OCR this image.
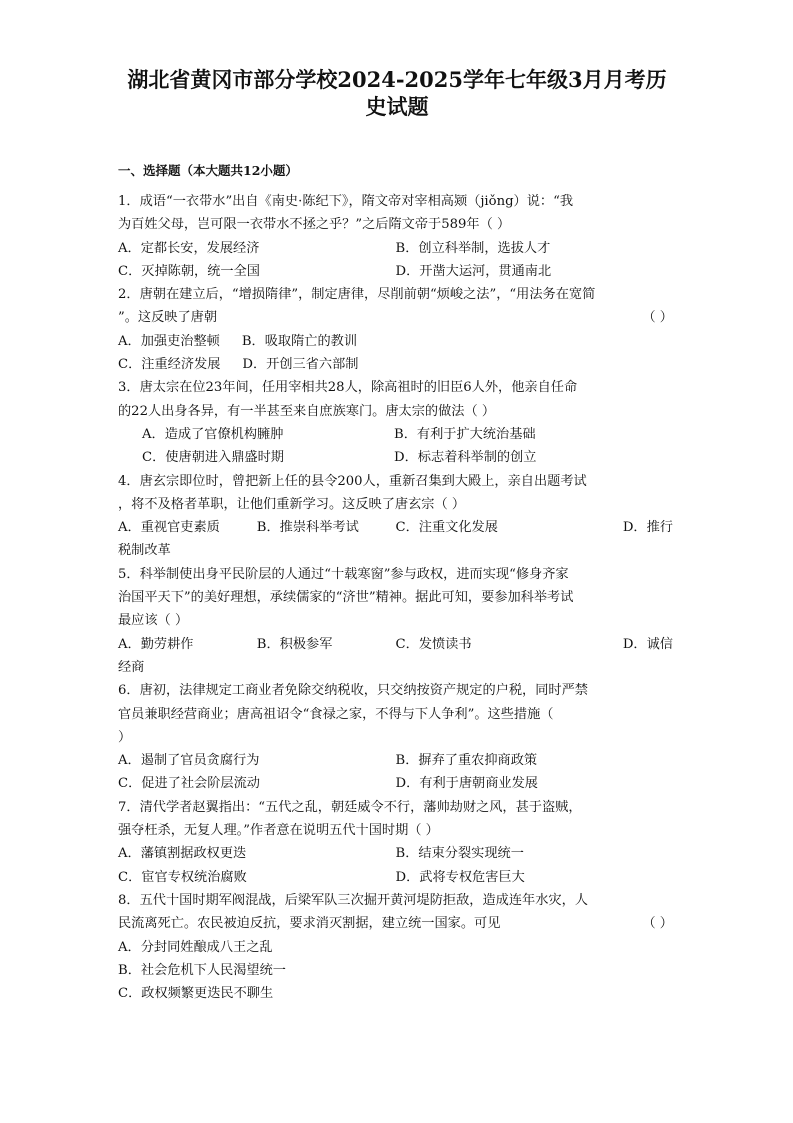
湖北省黄冈市部分学校2024-2025学年七年级3月月考历
史试题
一、选择题（本大题共12小题）
1．成语“一衣带水”出自《南史·陈纪下》，隋文帝对宰相高颎（jiǒng）说：“我
为百姓父母，岂可限一衣带水不拯之乎？”之后隋文帝于589年（ ）
A．定都长安，发展经济	B．创立科举制，选拔人才
C．灭掉陈朝，统一全国	D．开凿大运河，贯通南北
2．唐朝在建立后，“增损隋律”，制定唐律，尽削前朝“烦峻之法”，“用法务在宽简
”。这反映了唐朝	（ ）
A．加强吏治整顿 B．吸取隋亡的教训
C．注重经济发展 D．开创三省六部制
3．唐太宗在位23年间，任用宰相共28人，除高祖时的旧臣6人外，他亲自任命
的22人出身各异，有一半甚至来自庶族寒门。唐太宗的做法（ ）
A．造成了官僚机构臃肿	B．有利于扩大统治基础
C．使唐朝进入鼎盛时期	D．标志着科举制的创立
4．唐玄宗即位时，曾把新上任的县令200人，重新召集到大殿上，亲自出题考试
，将不及格者革职，让他们重新学习。这反映了唐玄宗（ ）
A．重视官吏素质	B．推崇科举考试	C．注重文化发展	D．推行
税制改革
5．科举制使出身平民阶层的人通过“十载寒窗”参与政权，进而实现“修身齐家
治国平天下”的美好理想，承续儒家的“济世”精神。据此可知，要参加科举考试
最应该（ ）
A．勤劳耕作	B．积极参军	C．发愤读书	D．诚信
经商
6．唐初，法律规定工商业者免除交纳税收，只交纳按资产规定的户税，同时严禁
官员兼职经营商业；唐高祖诏令“食禄之家，不得与下人争利”。这些措施（
）
A．遏制了官员贪腐行为	B．摒弃了重农抑商政策
C．促进了社会阶层流动	D．有利于唐朝商业发展
7．清代学者赵翼指出：“五代之乱，朝廷威令不行，藩帅劫财之风，甚于盗贼，
强夺枉杀，无复人理。”作者意在说明五代十国时期（ ）
A．藩镇割据政权更迭	B．结束分裂实现统一
C．宦官专权统治腐败	D．武将专权危害巨大
8．五代十国时期军阀混战，后梁军队三次掘开黄河堤防拒敌，造成连年水灾，人
民流离死亡。农民被迫反抗，要求消灭割据，建立统一国家。可见	（ ）
A．分封同姓酿成八王之乱
B．社会危机下人民渴望统一
C．政权频繁更迭民不聊生
